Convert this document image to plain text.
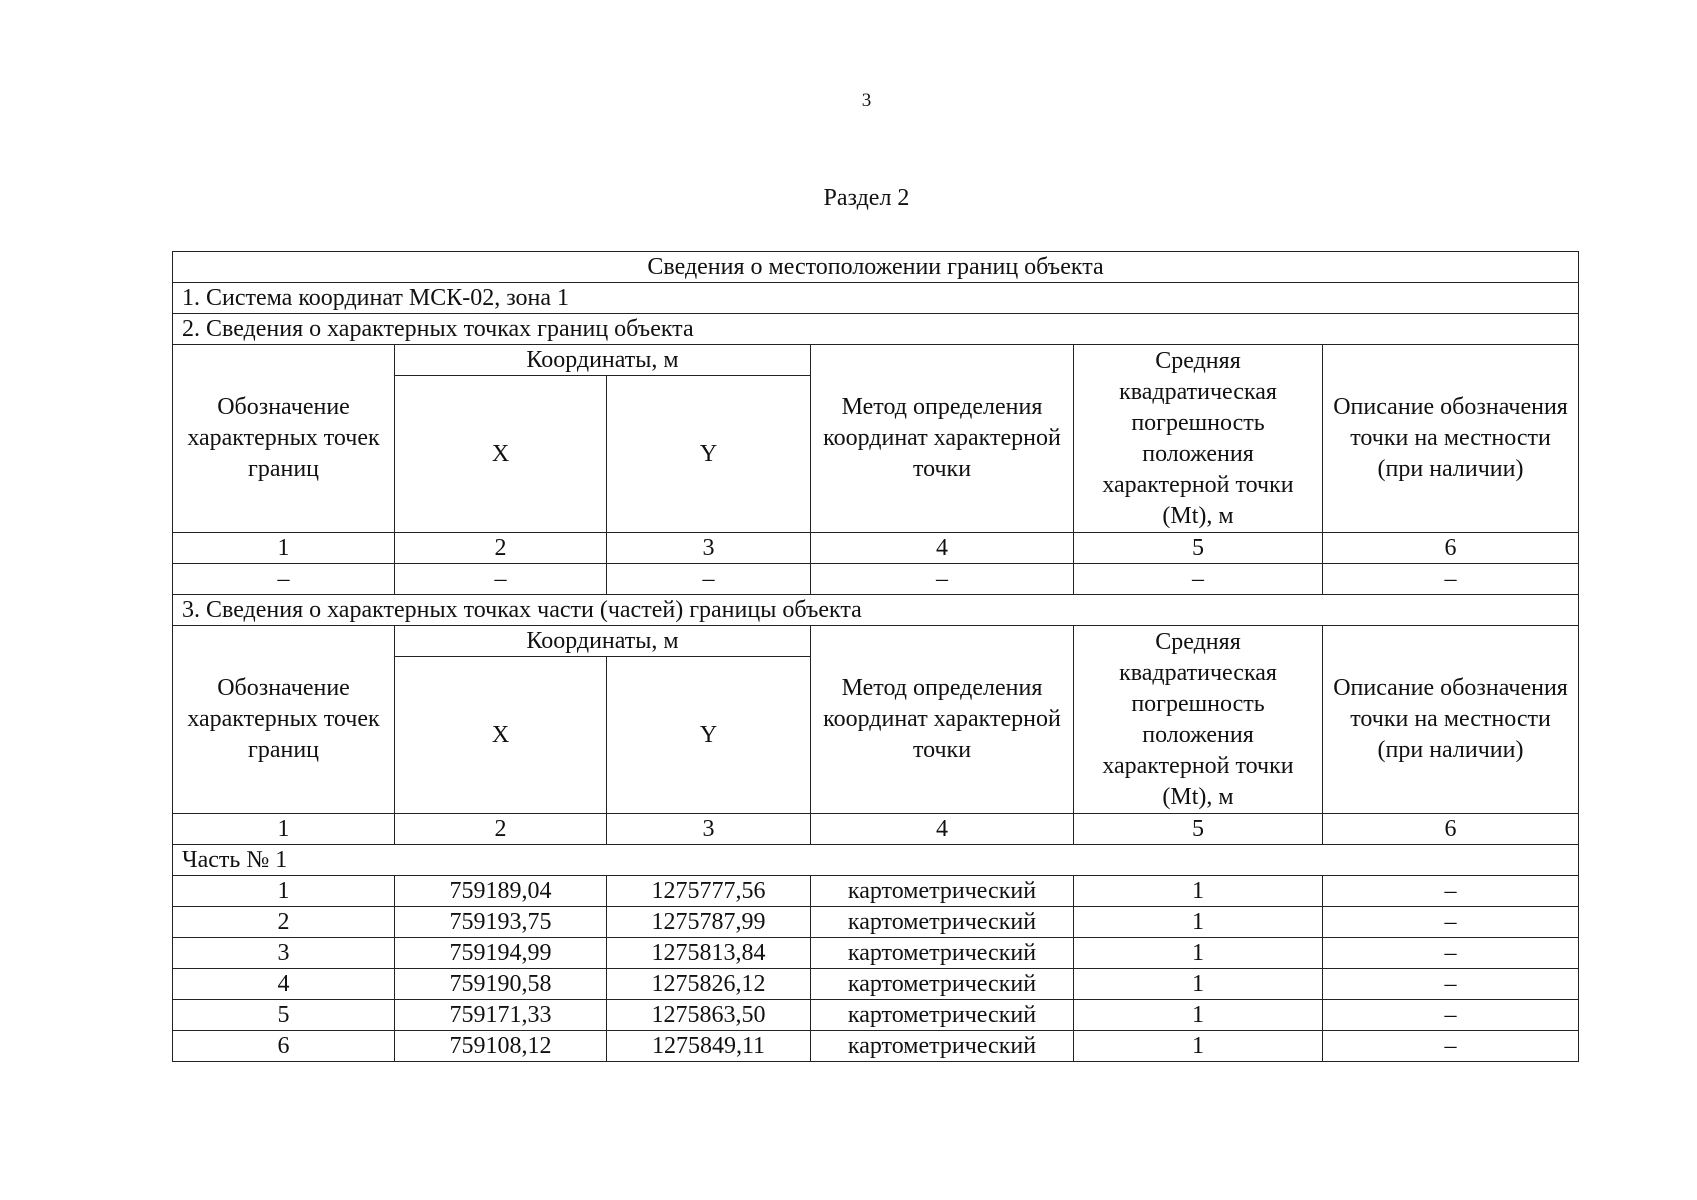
3
Раздел 2
Сведения о местоположении границ объекта					
1. Система координат МСК-02, зона 1					
2. Сведения о характерных точках границ объекта					
Обозначение характерных точек границ	Координаты, м		Метод определения координат характерной точки	Средняя квадратическая погрешность положения характерной точки (Mt), м	Описание обозначения точки на местности (при наличии)
	X	Y			
1	2	3	4	5	6
–	–	–	–	–	–
3. Сведения о характерных точках части (частей) границы объекта					
Обозначение характерных точек границ	Координаты, м		Метод определения координат характерной точки	Средняя квадратическая погрешность положения характерной точки (Mt), м	Описание обозначения точки на местности (при наличии)
	X	Y			
1	2	3	4	5	6
Часть № 1					
1	759189,04	1275777,56	картометрический	1	–
2	759193,75	1275787,99	картометрический	1	–
3	759194,99	1275813,84	картометрический	1	–
4	759190,58	1275826,12	картометрический	1	–
5	759171,33	1275863,50	картометрический	1	–
6	759108,12	1275849,11	картометрический	1	–
